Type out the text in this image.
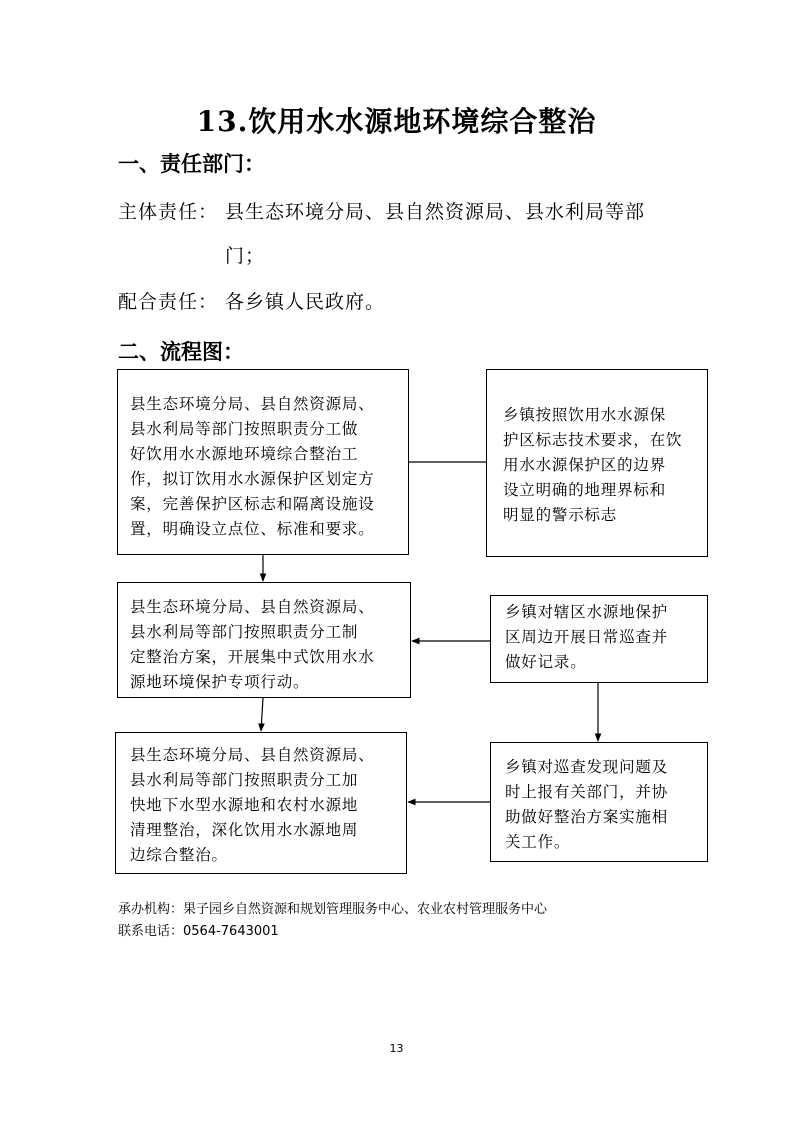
13.饮用水水源地环境综合整治
一、责任部门：
主体责任： 县生态环境分局、县自然资源局、县水利局等部
门；
配合责任： 各乡镇人民政府。
二、流程图：
县生态环境分局、县自然资源局、
县水利局等部门按照职责分工做
好饮用水水源地环境综合整治工
作，拟订饮用水水源保护区划定方
案，完善保护区标志和隔离设施设
置，明确设立点位、标准和要求。
乡镇按照饮用水水源保
护区标志技术要求，在饮
用水水源保护区的边界
设立明确的地理界标和
明显的警示标志
县生态环境分局、县自然资源局、
县水利局等部门按照职责分工制
定整治方案，开展集中式饮用水水
源地环境保护专项行动。
乡镇对辖区水源地保护
区周边开展日常巡查并
做好记录。
县生态环境分局、县自然资源局、
县水利局等部门按照职责分工加
快地下水型水源地和农村水源地
清理整治，深化饮用水水源地周
边综合整治。
乡镇对巡查发现问题及
时上报有关部门，并协
助做好整治方案实施相
关工作。
承办机构：果子园乡自然资源和规划管理服务中心、农业农村管理服务中心
联系电话：0564-7643001
13
